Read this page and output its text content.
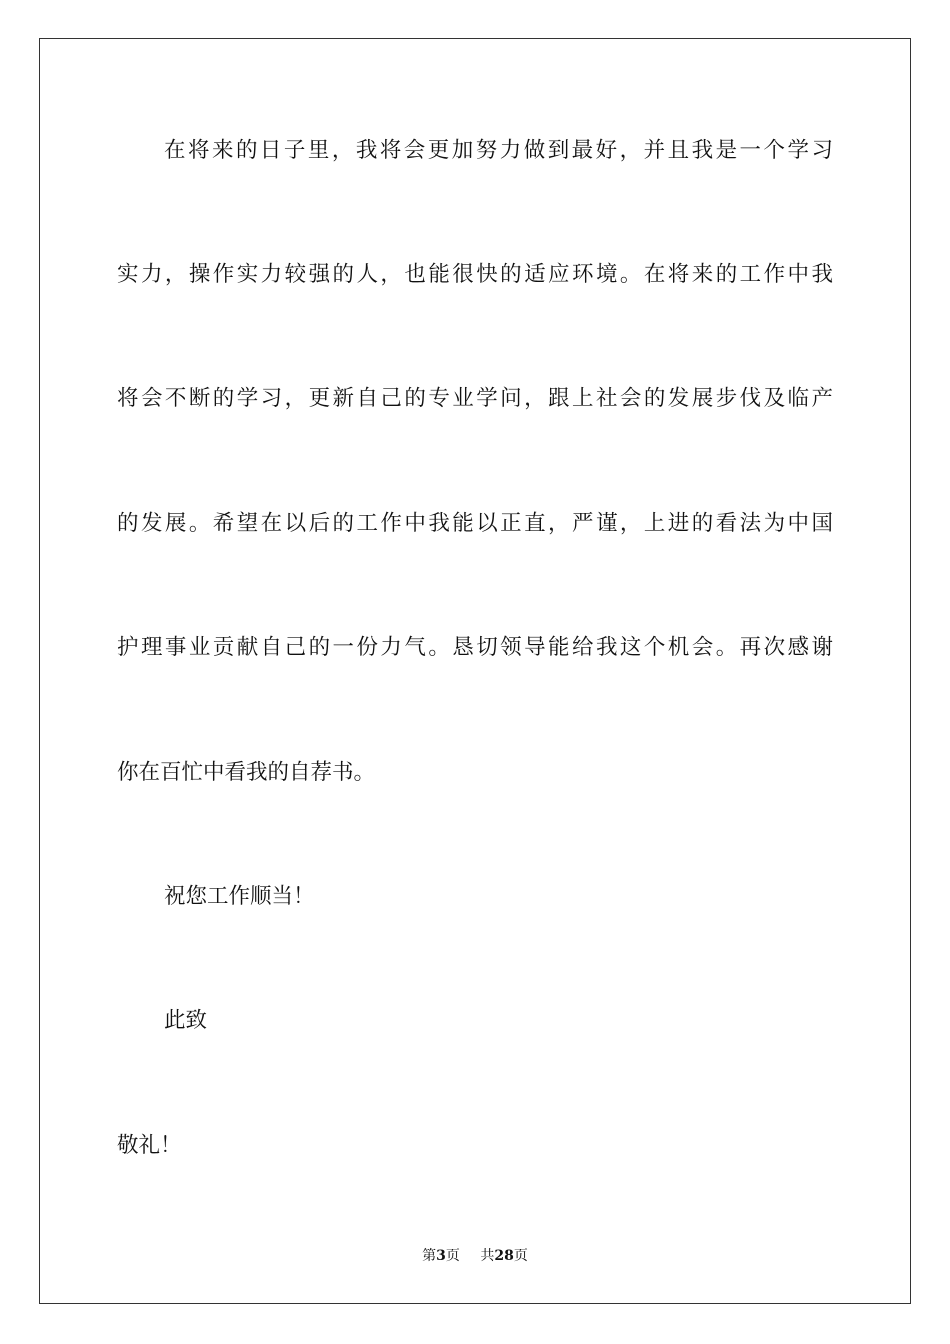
在将来的日子里，我将会更加努力做到最好，并且我是一个学习
实力，操作实力较强的人，也能很快的适应环境。在将来的工作中我
将会不断的学习，更新自己的专业学问，跟上社会的发展步伐及临产
的发展。希望在以后的工作中我能以正直，严谨，上进的看法为中国
护理事业贡献自己的一份力气。恳切领导能给我这个机会。再次感谢
你在百忙中看我的自荐书。
祝您工作顺当！
此致
敬礼！
第3页 共28页
